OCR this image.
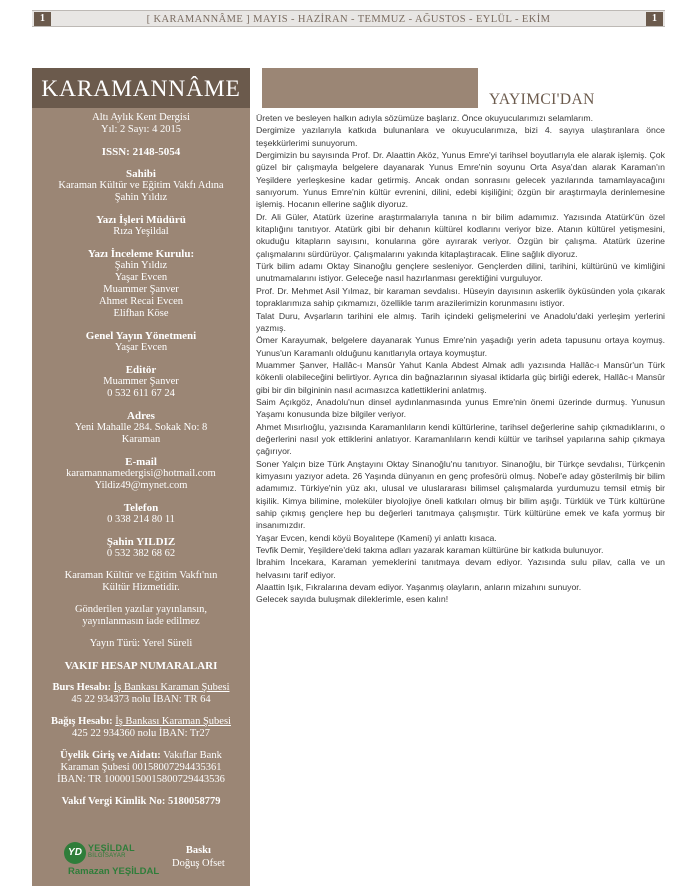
1	[ KARAMANNÂME ] MAYIS - HAZİRAN - TEMMUZ - AĞUSTOS - EYLÜL - EKİM	1
KARAMANNÂME
Altı Aylık Kent Dergisi
Yıl: 2 Sayı: 4 2015
ISSN: 2148-5054
Sahibi
Karaman Kültür ve Eğitim Vakfı Adına
Şahin Yıldız
Yazı İşleri Müdürü
Rıza Yeşildal
Yazı İnceleme Kurulu:
Şahin Yıldız
Yaşar Evcen
Muammer Şanver
Ahmet Recai Evcen
Elifhan Köse
Genel Yayın Yönetmeni
Yaşar Evcen
Editör
Muammer Şanver
0 532 611 67 24
Adres
Yeni Mahalle 284. Sokak No: 8
Karaman
E-mail
karamannamedergisi@hotmail.com
Yildiz49@mynet.com
Telefon
0 338 214 80 11
Şahin YILDIZ
0 532 382 68 62
Karaman Kültür ve Eğitim Vakfı'nın
Kültür Hizmetidir.
Gönderilen yazılar yayınlansın,
yayınlanmasın iade edilmez
Yayın Türü: Yerel Süreli
VAKIF HESAP NUMARALARI
Burs Hesabı: İş Bankası Karaman Şubesi
45 22 934373 nolu İBAN: TR 64
Bağış Hesabı: İş Bankası Karaman Şubesi
425 22 934360 nolu İBAN: Tr27
Üyelik Giriş ve Aidatı: Vakıflar Bank
Karaman Şubesi 00158007294435361
İBAN: TR 10000150015800729443536
Vakıf Vergi Kimlik No: 5180058779
YD YEŞİLDAL
BİLGİSAYAR
Ramazan YEŞİLDAL
Baskı
Doğuş Ofset
YAYIMCI'DAN

Üreten ve besleyen halkın adıyla sözümüze başlarız. Önce okuyucularımızı selamlarım.

Dergimize yazılarıyla katkıda bulunanlara ve okuyucularımıza, bizi 4. sayıya ulaştıranlara önce teşekkürlerimi sunuyorum.

Dergimizin bu sayısında Prof. Dr. Alaattin Aköz, Yunus Emre'yi tarihsel boyutlarıyla ele alarak işlemiş. Çok güzel bir çalışmayla belgelere dayanarak Yunus Emre'nin soyunu Orta Asya'dan alarak Karaman'ın Yeşildere yerleşkesine kadar getirmiş. Ancak ondan sonrasını gelecek yazılarında tamamlayacağını sanıyorum. Yunus Emre'nin kültür evrenini, dilini, edebi kişiliğini; özgün bir araştırmayla derinlemesine işlemiş. Hocanın ellerine sağlık diyoruz.

Dr. Ali Güler, Atatürk üzerine araştırmalarıyla tanına n bir bilim adamımız. Yazısında Atatürk'ün özel kitaplığını tanıtıyor. Atatürk gibi bir dehanın kültürel kodlarını veriyor bize. Atanın kültürel yetişmesini, okuduğu kitapların sayısını, konularına göre ayırarak veriyor. Özgün bir çalışma. Atatürk üzerine çalışmalarını sürdürüyor. Çalışmalarını yakında kitaplaştıracak. Eline sağlık diyoruz.

Türk bilim adamı Oktay Sinanoğlu gençlere sesleniyor. Gençlerden dilini, tarihini, kültürünü ve kimliğini unutmamalarını istiyor. Geleceğe nasıl hazırlanması gerektiğini vurguluyor.

Prof. Dr. Mehmet Asil Yılmaz, bir karaman sevdalısı. Hüseyin dayısının askerlik öyküsünden yola çıkarak topraklarımıza sahip çıkmamızı, özellikle tarım arazilerimizin korunmasını istiyor.

Talat Duru, Avşarların tarihini ele almış. Tarih içindeki gelişmelerini ve Anadolu'daki yerleşim yerlerini yazmış.

Ömer Karayumak, belgelere dayanarak Yunus Emre'nin yaşadığı yerin adeta tapusunu ortaya koymuş. Yunus'un Karamanlı olduğunu kanıtlarıyla ortaya koymuştur.

Muammer Şanver, Hallâc-ı Mansûr Yahut Kanla Abdest Almak adlı yazısında Hallâc-ı Mansûr'un Türk kökenli olabileceğini belirtiyor. Ayrıca din bağnazlarının siyasal iktidarla güç birliği ederek, Hallâc-ı Mansûr gibi bir din bilgininin nasıl acımasızca katlettiklerini anlatmış.

Saim Açıkgöz, Anadolu'nun dinsel aydınlanmasında yunus Emre'nin önemi üzerinde durmuş. Yunusun Yaşamı konusunda bize bilgiler veriyor.

Ahmet Mısırlıoğlu, yazısında Karamanlıların kendi kültürlerine, tarihsel değerlerine sahip çıkmadıklarını, o değerlerini nasıl yok ettiklerini anlatıyor. Karamanlıların kendi kültür ve tarihsel yapılarına sahip çıkmaya çağırıyor.

Soner Yalçın bize Türk Anştayını Oktay Sinanoğlu'nu tanıtıyor. Sinanoğlu, bir Türkçe sevdalısı, Türkçenin kimyasını yazıyor adeta. 26 Yaşında dünyanın en genç profesörü olmuş. Nobel'e aday gösterilmiş bir bilim adamımız. Türkiye'nin yüz akı, ulusal ve uluslararası bilimsel çalışmalarda yurdumuzu temsil etmiş bir kişilik. Kimya bilimine, moleküler biyolojiye öneli katkıları olmuş bir bilim aşığı. Türklük ve Türk kültürüne sahip çıkmış gençlere hep bu değerleri tanıtmaya çalışmıştır. Türk kültürüne emek ve kafa yormuş bir insanımızdır.

Yaşar Evcen, kendi köyü Boyalıtepe (Kameni) yi anlattı kısaca.

Tevfik Demir, Yeşildere'deki takma adları yazarak karaman kültürüne bir katkıda bulunuyor.

İbrahim İncekara, Karaman yemeklerini tanıtmaya devam ediyor. Yazısında sulu pilav, calla ve un helvasını tarif ediyor.

Alaattin Işık, Fıkralarına devam ediyor. Yaşanmış olayların, anların mizahını sunuyor.

Gelecek sayıda buluşmak dileklerimle, esen kalın!
